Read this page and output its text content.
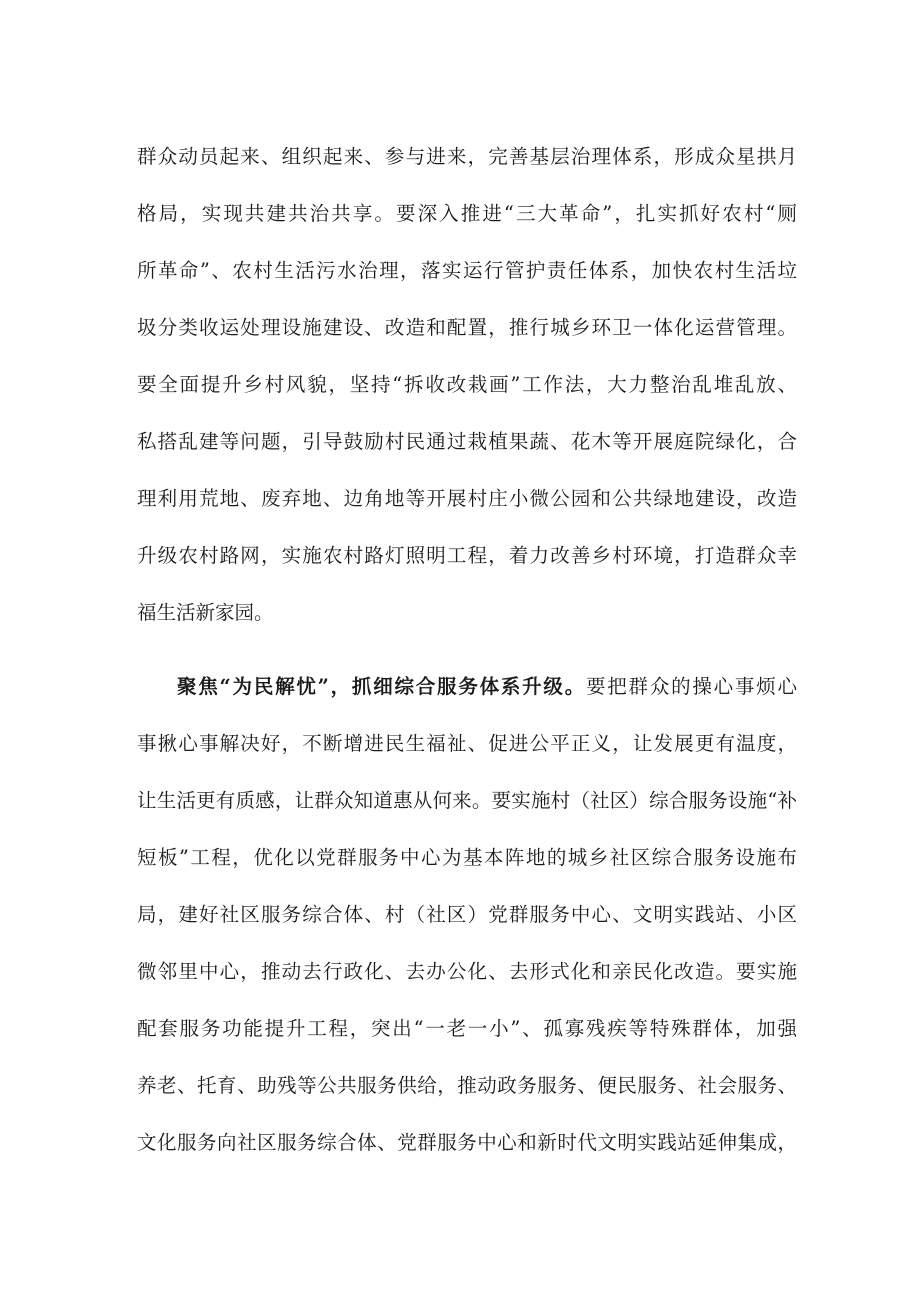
群众动员起来、组织起来、参与进来，完善基层治理体系，形成众星拱月
格局，实现共建共治共享。要深入推进“三大革命”，扎实抓好农村“厕
所革命”、农村生活污水治理，落实运行管护责任体系，加快农村生活垃
圾分类收运处理设施建设、改造和配置，推行城乡环卫一体化运营管理。
要全面提升乡村风貌，坚持“拆收改栽画”工作法，大力整治乱堆乱放、
私搭乱建等问题，引导鼓励村民通过栽植果蔬、花木等开展庭院绿化，合
理利用荒地、废弃地、边角地等开展村庄小微公园和公共绿地建设，改造
升级农村路网，实施农村路灯照明工程，着力改善乡村环境，打造群众幸
福生活新家园。
聚焦“为民解忧”，抓细综合服务体系升级。要把群众的操心事烦心
事揪心事解决好，不断增进民生福祉、促进公平正义，让发展更有温度，
让生活更有质感，让群众知道惠从何来。要实施村（社区）综合服务设施“补
短板”工程，优化以党群服务中心为基本阵地的城乡社区综合服务设施布
局，建好社区服务综合体、村（社区）党群服务中心、文明实践站、小区
微邻里中心，推动去行政化、去办公化、去形式化和亲民化改造。要实施
配套服务功能提升工程，突出“一老一小”、孤寡残疾等特殊群体，加强
养老、托育、助残等公共服务供给，推动政务服务、便民服务、社会服务、
文化服务向社区服务综合体、党群服务中心和新时代文明实践站延伸集成，
